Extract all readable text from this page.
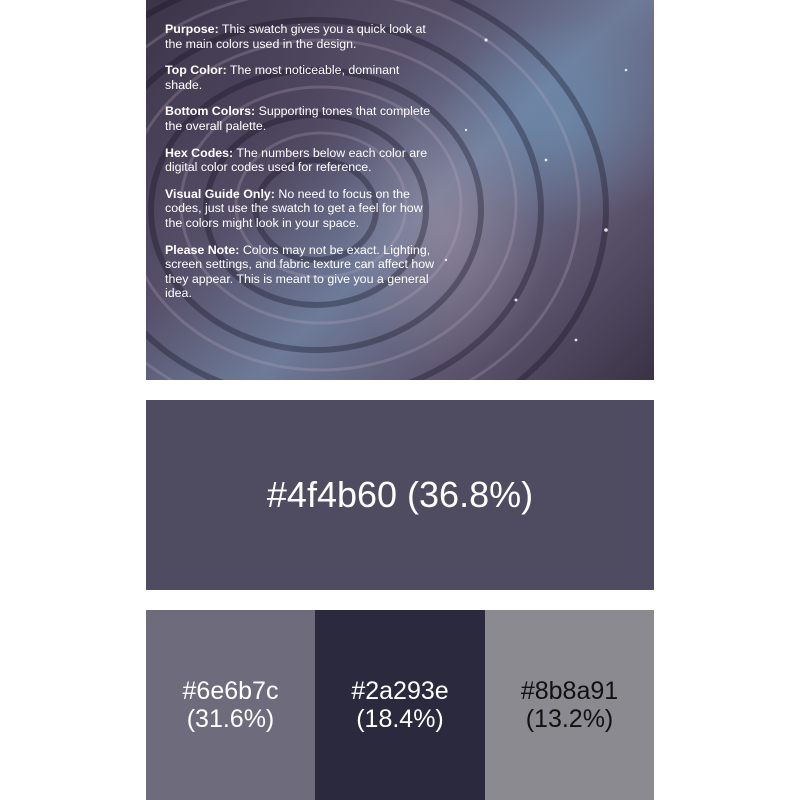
Purpose: This swatch gives you a quick look at the main colors used in the design.

Top Color: The most noticeable, dominant shade.

Bottom Colors: Supporting tones that complete the overall palette.

Hex Codes: The numbers below each color are digital color codes used for reference.

Visual Guide Only: No need to focus on the codes, just use the swatch to get a feel for how the colors might look in your space.

Please Note: Colors may not be exact. Lighting, screen settings, and fabric texture can affect how they appear. This is meant to give you a general idea.

#4f4b60 (36.8%)
#6e6b7c
(31.6%)
#2a293e
(18.4%)
#8b8a91
(13.2%)
